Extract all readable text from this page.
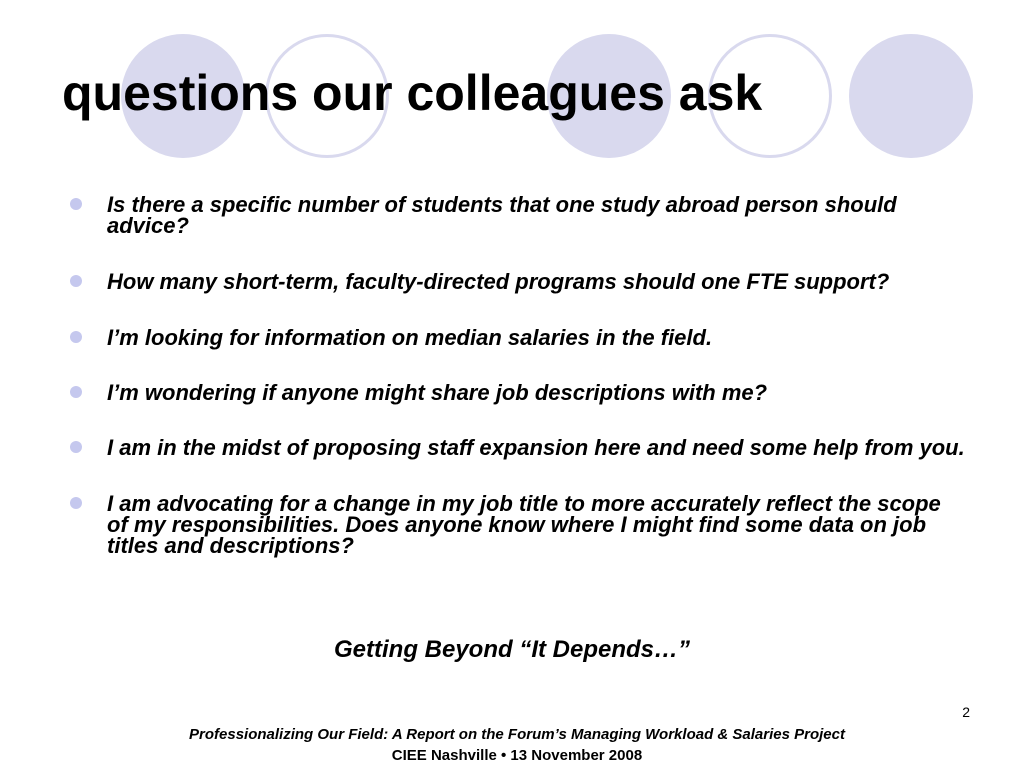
questions our colleagues ask
Is there a specific number of students that one study abroad person should advice?
How many short-term, faculty-directed programs should one FTE support?
I’m looking for information on median salaries in the field.
I’m wondering if anyone might share job descriptions with me?
I am in the midst of proposing staff expansion here and need some help from you.
I am advocating for a change in my job title to more accurately reflect the scope of my responsibilities. Does anyone know where I might find some data on job titles and descriptions?

Getting Beyond “It Depends…”

2

Professionalizing Our Field: A Report on the Forum’s Managing Workload & Salaries Project

CIEE Nashville • 13 November 2008
